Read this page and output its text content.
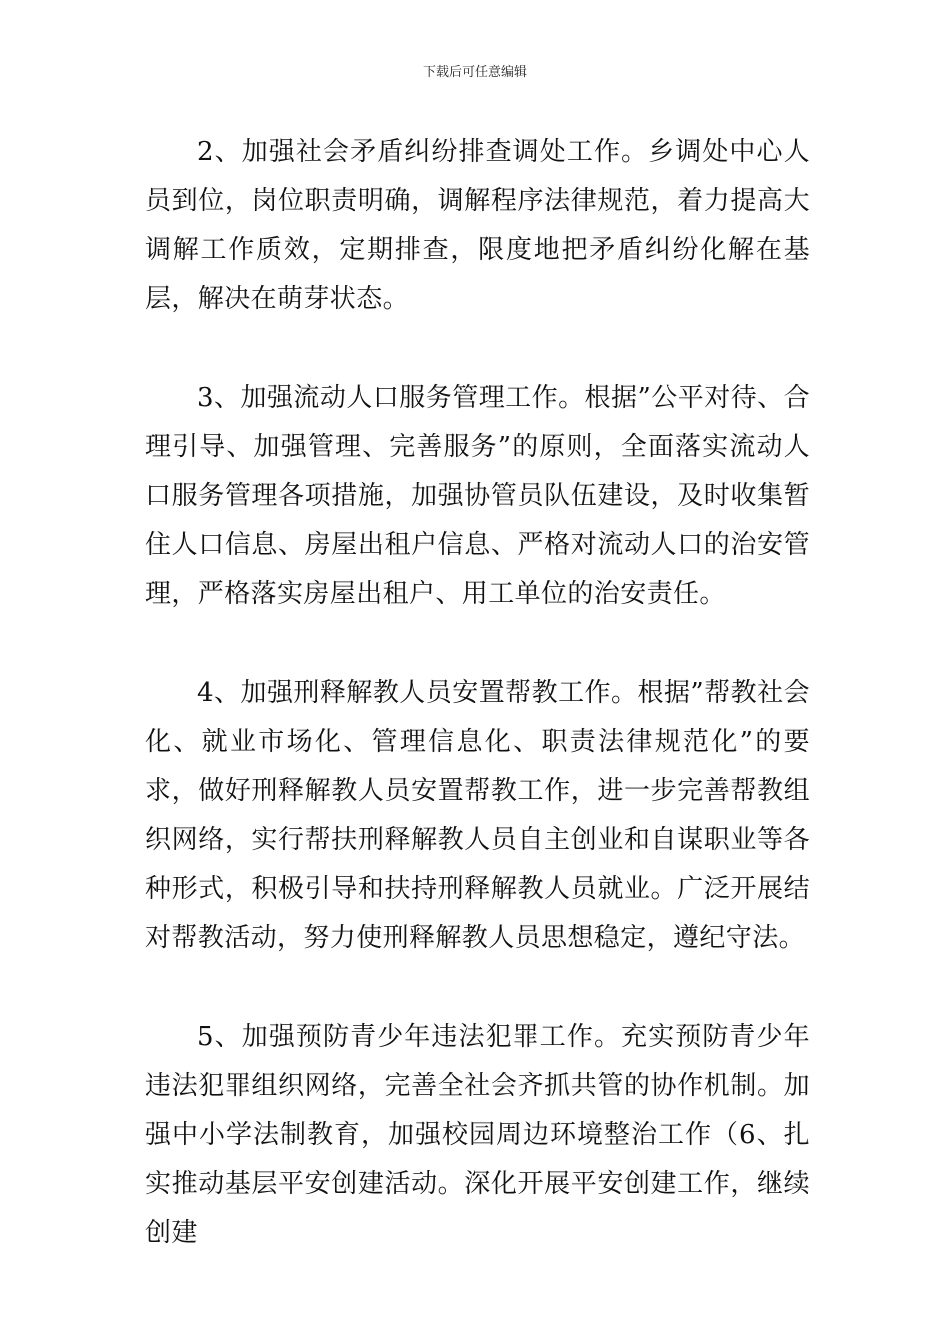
下载后可任意编辑

2、加强社会矛盾纠纷排查调处工作。乡调处中心人员到位，岗位职责明确，调解程序法律规范，着力提高大调解工作质效，定期排查，限度地把矛盾纠纷化解在基层，解决在萌芽状态。

3、加强流动人口服务管理工作。根据”公平对待、合理引导、加强管理、完善服务”的原则，全面落实流动人口服务管理各项措施，加强协管员队伍建设，及时收集暂住人口信息、房屋出租户信息、严格对流动人口的治安管理，严格落实房屋出租户、用工单位的治安责任。

4、加强刑释解教人员安置帮教工作。根据”帮教社会化、就业市场化、管理信息化、职责法律规范化”的要求，做好刑释解教人员安置帮教工作，进一步完善帮教组织网络，实行帮扶刑释解教人员自主创业和自谋职业等各种形式，积极引导和扶持刑释解教人员就业。广泛开展结对帮教活动，努力使刑释解教人员思想稳定，遵纪守法。

5、加强预防青少年违法犯罪工作。充实预防青少年违法犯罪组织网络，完善全社会齐抓共管的协作机制。加强中小学法制教育，加强校园周边环境整治工作（6、扎实推动基层平安创建活动。深化开展平安创建工作，继续创建
